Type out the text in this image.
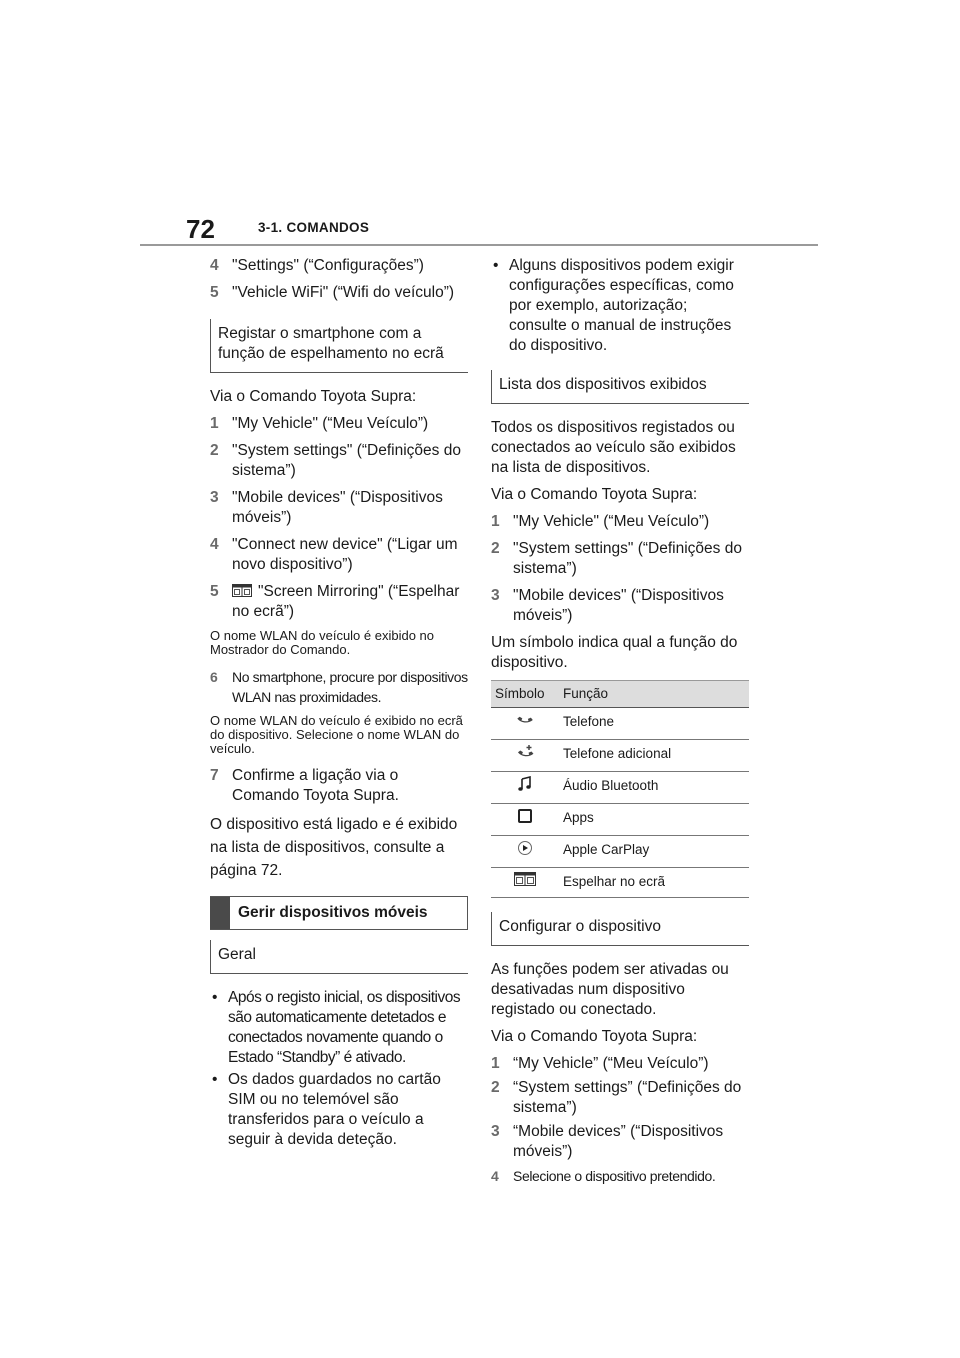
72	3-1. COMANDOS
4 "Settings" (“Configurações”)
5 "Vehicle WiFi" (“Wifi do veículo”)
Registar o smartphone com a função de espelhamento no ecrã

Via o Comando Toyota Supra:

1 "My Vehicle" (“Meu Veículo”)
2 "System settings" (“Definições do sistema”)
3 "Mobile devices" (“Dispositivos móveis”)
4 "Connect new device" (“Ligar um novo dispositivo”)
5	"Screen Mirroring" (“Espelhar no ecrã”)
O nome WLAN do veículo é exibido no Mostrador do Comando.
6 No smartphone, procure por dispositivos WLAN nas proximidades.
O nome WLAN do veículo é exibido no ecrã do dispositivo. Selecione o nome WLAN do veículo.
7 Confirme a ligação via o Comando Toyota Supra.

O dispositivo está ligado e é exibido na lista de dispositivos, consulte a página 72.

Gerir dispositivos móveis
Geral
• Após o registo inicial, os dispositivos são automaticamente detetados e conectados novamente quando o Estado “Standby” é ativado.
• Os dados guardados no cartão SIM ou no telemóvel são transferidos para o veículo a seguir à devida deteção.
• Alguns dispositivos podem exigir configurações específicas, como por exemplo, autorização; consulte o manual de instruções do dispositivo.
Lista dos dispositivos exibidos

Todos os dispositivos registados ou conectados ao veículo são exibidos na lista de dispositivos.

Via o Comando Toyota Supra:

1 "My Vehicle" (“Meu Veículo”)
2 "System settings" (“Definições do sistema”)
3 "Mobile devices" (“Dispositivos móveis”)

Um símbolo indica qual a função do dispositivo.

Símbolo	Função
	Telefone
	Telefone adicional
	Áudio Bluetooth
	Apps
	Apple CarPlay
	Espelhar no ecrã
Configurar o dispositivo

As funções podem ser ativadas ou desativadas num dispositivo registado ou conectado.

Via o Comando Toyota Supra:

1 “My Vehicle” (“Meu Veículo”)
2 “System settings” (“Definições do sistema”)
3 “Mobile devices” (“Dispositivos móveis”)
4 Selecione o dispositivo pretendido.
